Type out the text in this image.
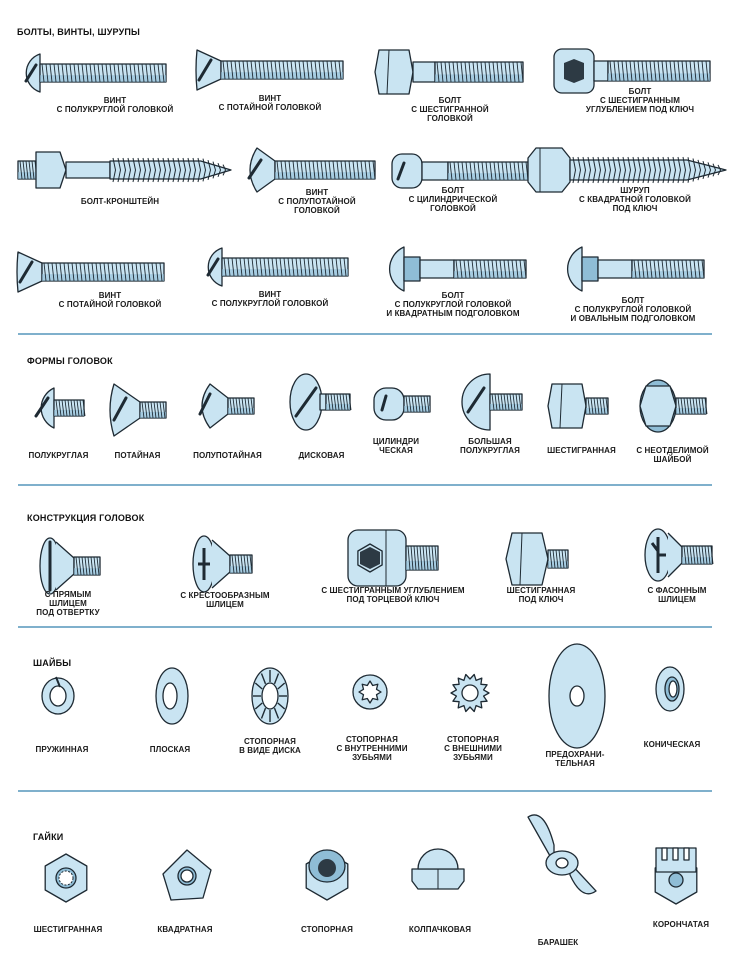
БОЛТЫ, ВИНТЫ, ШУРУПЫ
ФОРМЫ ГОЛОВОК
КОНСТРУКЦИЯ ГОЛОВОК
ШАЙБЫ
ГАЙКИ
ВИНТ
С ПОЛУКРУГЛОЙ ГОЛОВКОЙ
ВИНТ
С ПОТАЙНОЙ ГОЛОВКОЙ
БОЛТ
С ШЕСТИГРАННОЙ
ГОЛОВКОЙ
БОЛТ
С ШЕСТИГРАННЫМ
УГЛУБЛЕНИЕМ ПОД КЛЮЧ
БОЛТ-КРОНШТЕЙН
ВИНТ
С ПОЛУПОТАЙНОЙ
ГОЛОВКОЙ
БОЛТ
С ЦИЛИНДРИЧЕСКОЙ
ГОЛОВКОЙ
ШУРУП
С КВАДРАТНОЙ ГОЛОВКОЙ
ПОД КЛЮЧ
ВИНТ
С ПОТАЙНОЙ ГОЛОВКОЙ
ВИНТ
С ПОЛУКРУГЛОЙ ГОЛОВКОЙ
БОЛТ
С ПОЛУКРУГЛОЙ ГОЛОВКОЙ
И КВАДРАТНЫМ ПОДГОЛОВКОМ
БОЛТ
С ПОЛУКРУГЛОЙ ГОЛОВКОЙ
И ОВАЛЬНЫМ ПОДГОЛОВКОМ
ПОЛУКРУГЛАЯ	ПОТАЙНАЯ	ПОЛУПОТАЙНАЯ	ДИСКОВАЯ
ЦИЛИНДРИ
ЧЕСКАЯ
БОЛЬШАЯ
ПОЛУКРУГЛАЯ	ШЕСТИГРАННАЯ	С НЕОТДЕЛИМОЙ
ШАЙБОЙ
С ПРЯМЫМ
ШЛИЦЕМ
ПОД ОТВЕРТКУ
С КРЕСТООБРАЗНЫМ
ШЛИЦЕМ
С ШЕСТИГРАННЫМ УГЛУБЛЕНИЕМ
ПОД ТОРЦЕВОЙ КЛЮЧ
ШЕСТИГРАННАЯ
ПОД КЛЮЧ
С ФАСОННЫМ
ШЛИЦЕМ
ПРУЖИННАЯ	ПЛОСКАЯ
СТОПОРНАЯ
В ВИДЕ ДИСКА
СТОПОРНАЯ
С ВНУТРЕННИМИ
ЗУБЬЯМИ
СТОПОРНАЯ
С ВНЕШНИМИ
ЗУБЬЯМИ	ПРЕДОХРАНИ-
ТЕЛЬНАЯ
КОНИЧЕСКАЯ
ШЕСТИГРАННАЯ	КВАДРАТНАЯ	СТОПОРНАЯ	КОЛПАЧКОВАЯ
БАРАШЕК
КОРОНЧАТАЯ
